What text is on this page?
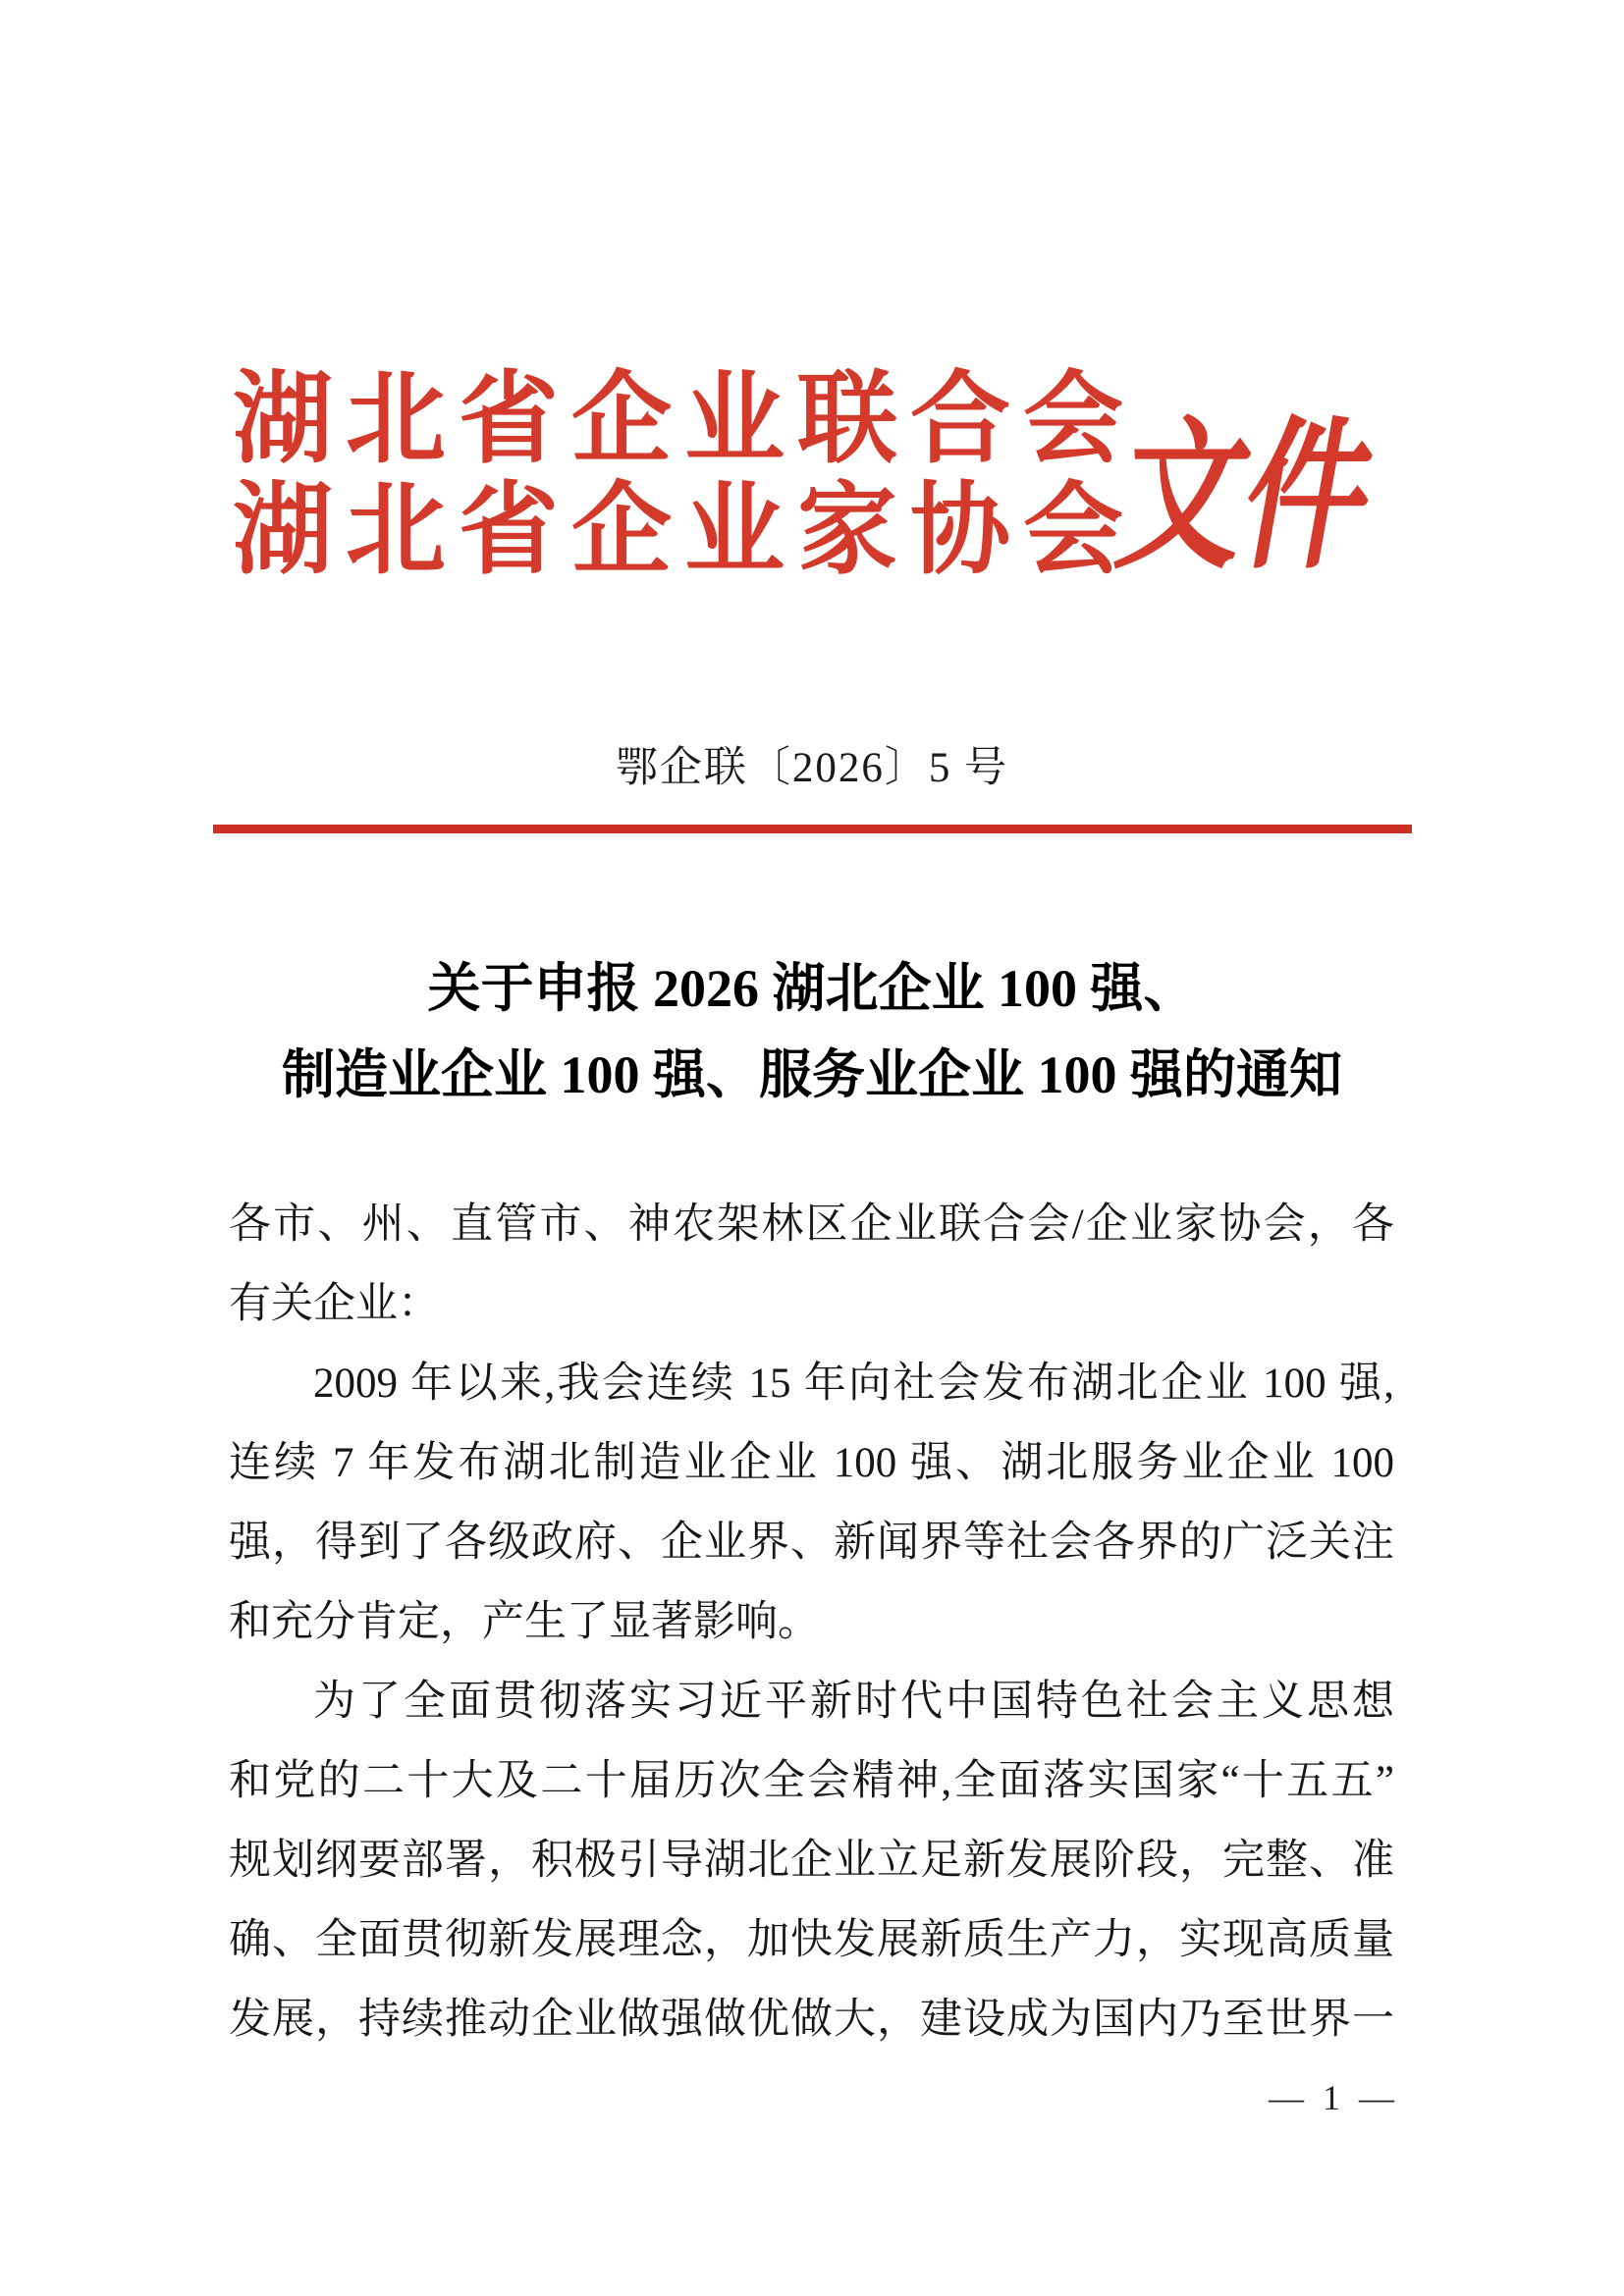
湖北省企业联合会
湖北省企业家协会
文件
鄂企联〔2026〕5 号
关于申报 2026 湖北企业 100 强、
制造业企业 100 强、服务业企业 100 强的通知
各市、州、直管市、神农架林区企业联合会/企业家协会，各
有关企业：
2009 年以来,我会连续 15 年向社会发布湖北企业 100 强,
连续 7 年发布湖北制造业企业 100 强、湖北服务业企业 100
强，得到了各级政府、企业界、新闻界等社会各界的广泛关注
和充分肯定，产生了显著影响。
为了全面贯彻落实习近平新时代中国特色社会主义思想
和党的二十大及二十届历次全会精神,全面落实国家“十五五”
规划纲要部署，积极引导湖北企业立足新发展阶段，完整、准
确、全面贯彻新发展理念，加快发展新质生产力，实现高质量
发展，持续推动企业做强做优做大，建设成为国内乃至世界一
— 1 —
